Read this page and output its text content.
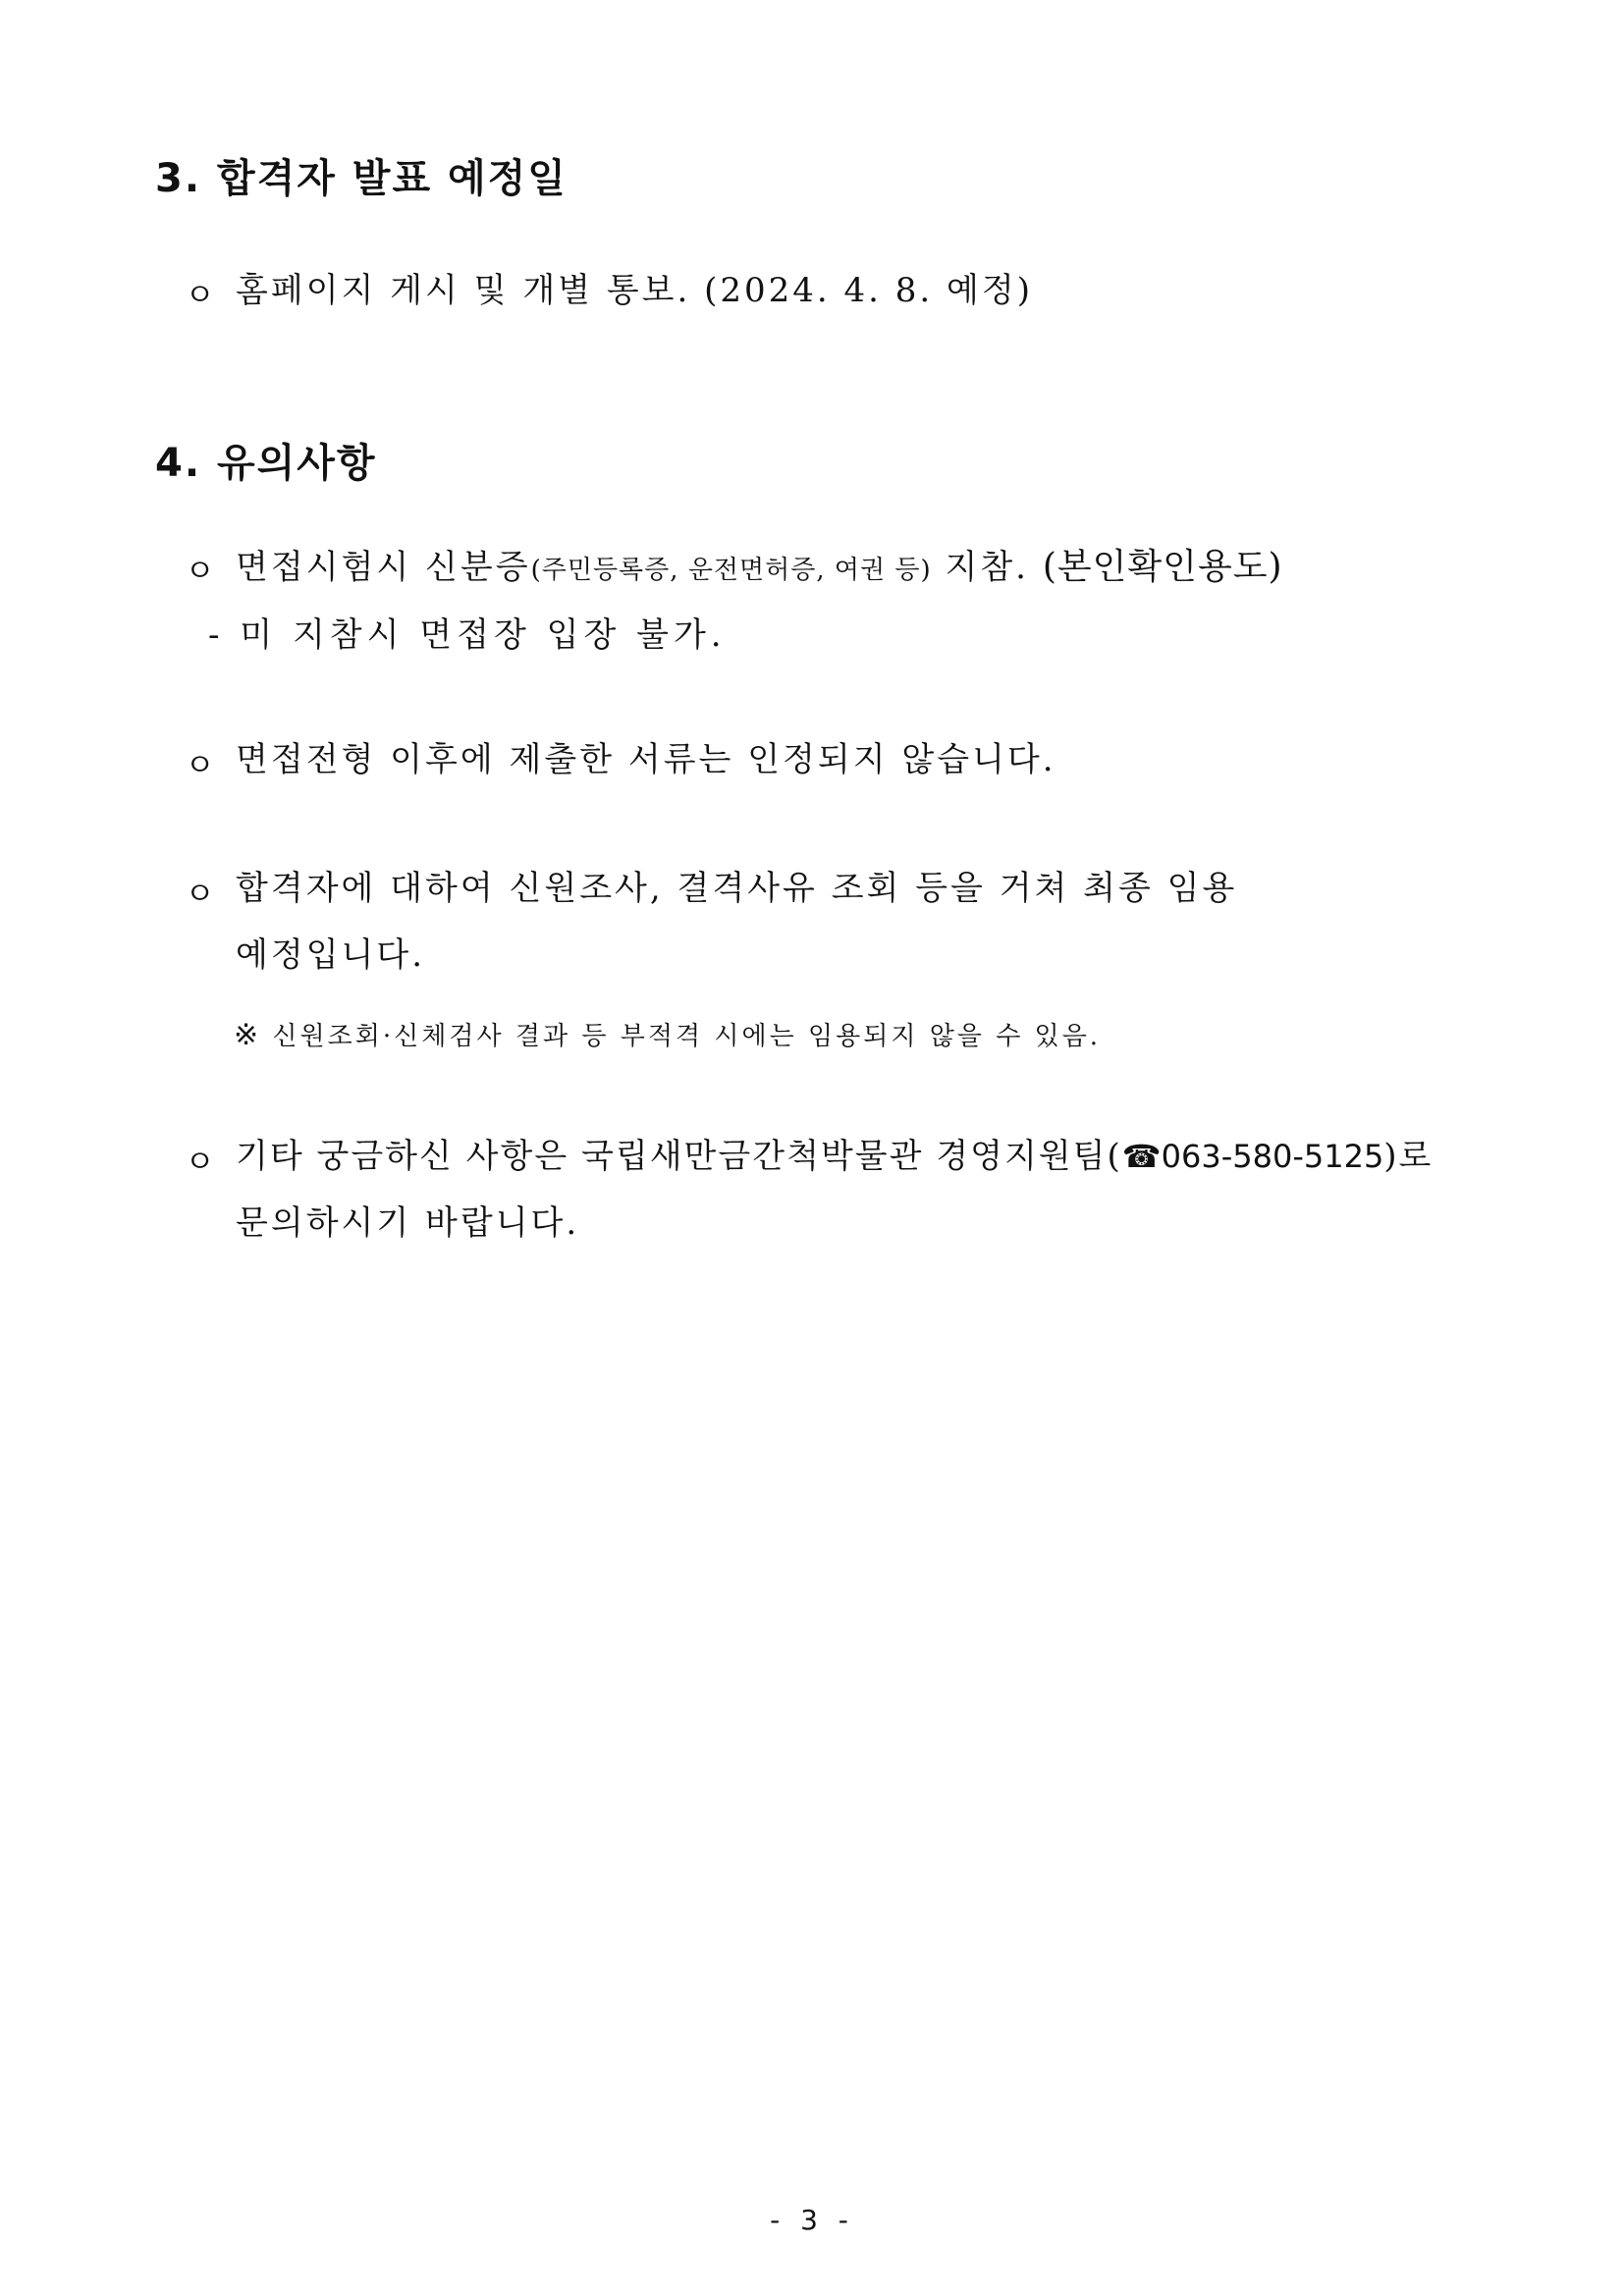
3. 합격자 발표 예정일
ㅇ 홈페이지 게시 및 개별 통보. (2024. 4. 8. 예정)

4. 유의사항
ㅇ 면접시험시 신분증(주민등록증, 운전면허증, 여권 등) 지참. (본인확인용도)

- 미 지참시 면접장 입장 불가.

ㅇ 면접전형 이후에 제출한 서류는 인정되지 않습니다.

ㅇ 합격자에 대하여 신원조사, 결격사유 조회 등을 거쳐 최종 임용

예정입니다.

※ 신원조회·신체검사 결과 등 부적격 시에는 임용되지 않을 수 있음.

ㅇ 기타 궁금하신 사항은 국립새만금간척박물관 경영지원팀(☎063-580-5125)로

문의하시기 바랍니다.

- 3 -
